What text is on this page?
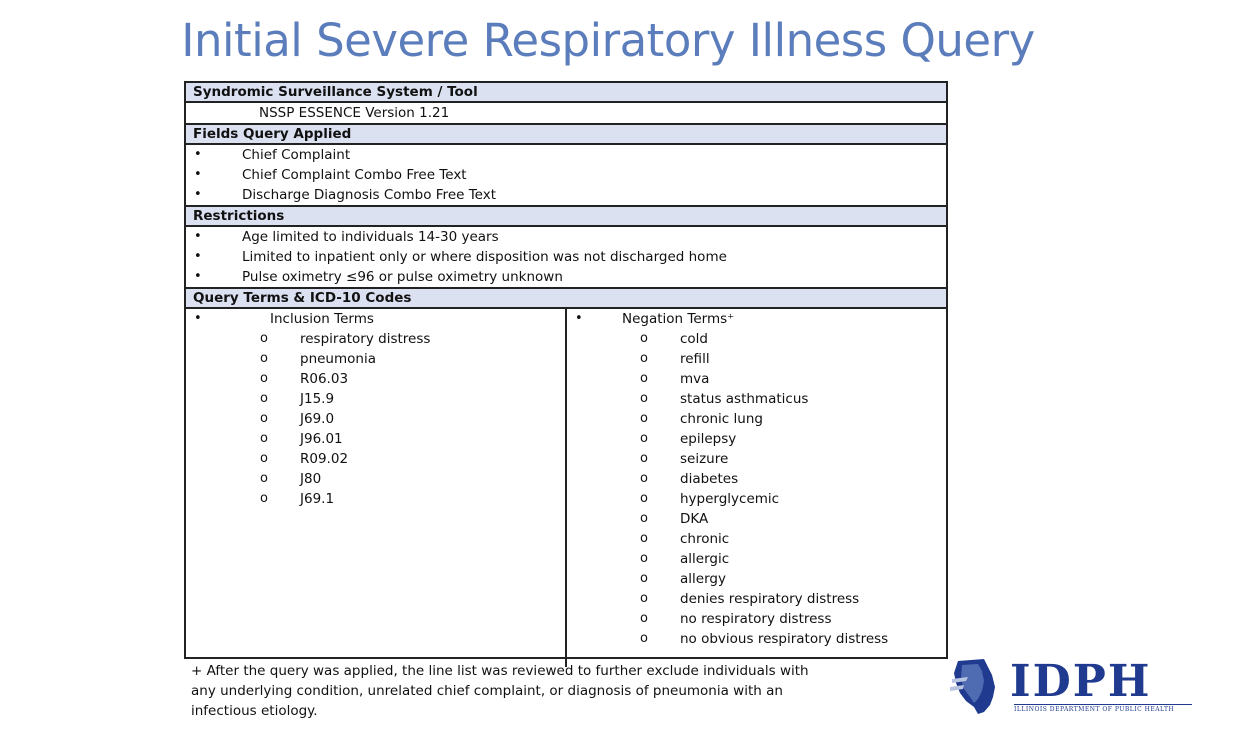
Initial Severe Respiratory Illness Query
Syndromic Surveillance System / Tool
NSSP ESSENCE Version 1.21
Fields Query Applied
•	Chief Complaint
•	Chief Complaint Combo Free Text
•	Discharge Diagnosis Combo Free Text
Restrictions
•	Age limited to individuals 14-30 years
•	Limited to inpatient only or where disposition was not discharged home
•	Pulse oximetry ≤96 or pulse oximetry unknown
Query Terms & ICD-10 Codes
•	Inclusion Terms
o respiratory distress
o pneumonia
o R06.03
o J15.9
o J69.0
o J96.01
o R09.02
o J80
o J69.1
•	Negation Terms⁺
o cold
o refill
o mva
o status asthmaticus
o chronic lung
o epilepsy
o seizure
o diabetes
o hyperglycemic
o DKA
o chronic
o allergic
o allergy
o denies respiratory distress
o no respiratory distress
o no obvious respiratory distress
+ After the query was applied, the line list was reviewed to further exclude individuals with any underlying condition, unrelated chief complaint, or diagnosis of pneumonia with an infectious etiology.
IDPH
ILLINOIS DEPARTMENT OF PUBLIC HEALTH
